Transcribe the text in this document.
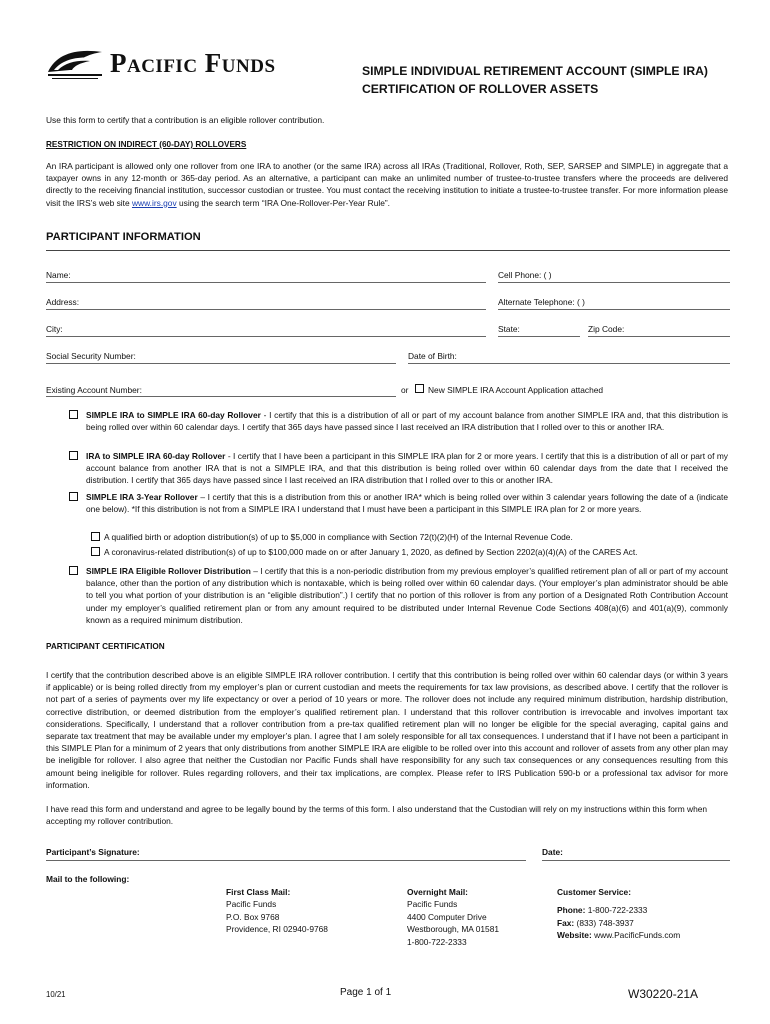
Pacific Funds	SIMPLE INDIVIDUAL RETIREMENT ACCOUNT (SIMPLE IRA)
CERTIFICATION OF ROLLOVER ASSETS
Use this form to certify that a contribution is an eligible rollover contribution.
RESTRICTION ON INDIRECT (60-DAY) ROLLOVERS
An IRA participant is allowed only one rollover from one IRA to another (or the same IRA) across all IRAs (Traditional, Rollover, Roth, SEP, SARSEP and SIMPLE) in aggregate that a taxpayer owns in any 12-month or 365-day period. As an alternative, a participant can make an unlimited number of trustee-to-trustee transfers where the proceeds are delivered directly to the receiving financial institution, successor custodian or trustee. You must contact the receiving institution to initiate a trustee-to-trustee transfer. For more information please visit the IRS’s web site www.irs.gov using the search term “IRA One-Rollover-Per-Year Rule”.
PARTICIPANT INFORMATION
Name:	Cell Phone: ( )
Address:	Alternate Telephone: ( )
City:	State:	Zip Code:
Social Security Number:	Date of Birth:
Existing Account Number:	or New SIMPLE IRA Account Application attached
SIMPLE IRA to SIMPLE IRA 60-day Rollover - I certify that this is a distribution of all or part of my account balance from another SIMPLE IRA and, that this distribution is being rolled over within 60 calendar days. I certify that 365 days have passed since I last received an IRA distribution that I rolled over to this or another IRA.
IRA to SIMPLE IRA 60-day Rollover - I certify that I have been a participant in this SIMPLE IRA plan for 2 or more years. I certify that this is a distribution of all or part of my account balance from another IRA that is not a SIMPLE IRA, and that this distribution is being rolled over within 60 calendar days from the date that I received the distribution. I certify that 365 days have passed since I last received an IRA distribution that I rolled over to this or another IRA.
SIMPLE IRA 3-Year Rollover – I certify that this is a distribution from this or another IRA* which is being rolled over within 3 calendar years following the date of a (indicate one below). *If this distribution is not from a SIMPLE IRA I understand that I must have been a participant in this SIMPLE IRA plan for 2 or more years.
A qualified birth or adoption distribution(s) of up to $5,000 in compliance with Section 72(t)(2)(H) of the Internal Revenue Code.
A coronavirus-related distribution(s) of up to $100,000 made on or after January 1, 2020, as defined by Section 2202(a)(4)(A) of the CARES Act.
SIMPLE IRA Eligible Rollover Distribution – I certify that this is a non-periodic distribution from my previous employer’s qualified retirement plan of all or part of my account balance, other than the portion of any distribution which is nontaxable, which is being rolled over within 60 calendar days. (Your employer’s plan administrator should be able to tell you what portion of your distribution is an “eligible distribution”.) I certify that no portion of this rollover is from any portion of a Designated Roth Contribution Account under my employer’s qualified retirement plan or from any amount required to be distributed under Internal Revenue Code Sections 408(a)(6) and 401(a)(9), commonly known as a required minimum distribution.
PARTICIPANT CERTIFICATION
I certify that the contribution described above is an eligible SIMPLE IRA rollover contribution. I certify that this contribution is being rolled over within 60 calendar days (or within 3 years if applicable) or is being rolled directly from my employer’s plan or current custodian and meets the requirements for tax law provisions, as described above. I certify that the rollover is not part of a series of payments over my life expectancy or over a period of 10 years or more. The rollover does not include any required minimum distribution, hardship distribution, corrective distribution, or deemed distribution from the employer’s qualified retirement plan. I understand that this rollover contribution is irrevocable and involves important tax considerations. Specifically, I understand that a rollover contribution from a pre-tax qualified retirement plan will no longer be eligible for the special averaging, capital gains and separate tax treatment that may be available under my employer’s plan. I agree that I am solely responsible for all tax consequences. I understand that if I have not been a participant in this SIMPLE Plan for a minimum of 2 years that only distributions from another SIMPLE IRA are eligible to be rolled over into this account and rollover of assets from any other plan may be ineligible for rollover. I also agree that neither the Custodian nor Pacific Funds shall have responsibility for any such tax consequences or any consequences resulting from this amount being ineligible for rollover. Rules regarding rollovers, and their tax implications, are complex. Please refer to IRS Publication 590-b or a professional tax advisor for more information.
I have read this form and understand and agree to be legally bound by the terms of this form. I also understand that the Custodian will rely on my instructions within this form when accepting my rollover contribution.
Participant’s Signature:	Date:
Mail to the following:
First Class Mail:
Pacific Funds
P.O. Box 9768
Providence, RI 02940-9768
Overnight Mail:
Pacific Funds
4400 Computer Drive
Westborough, MA 01581
1-800-722-2333
Customer Service:
Phone: 1-800-722-2333
Fax: (833) 748-3937
Website: www.PacificFunds.com
10/21	Page 1 of 1	W30220-21A
